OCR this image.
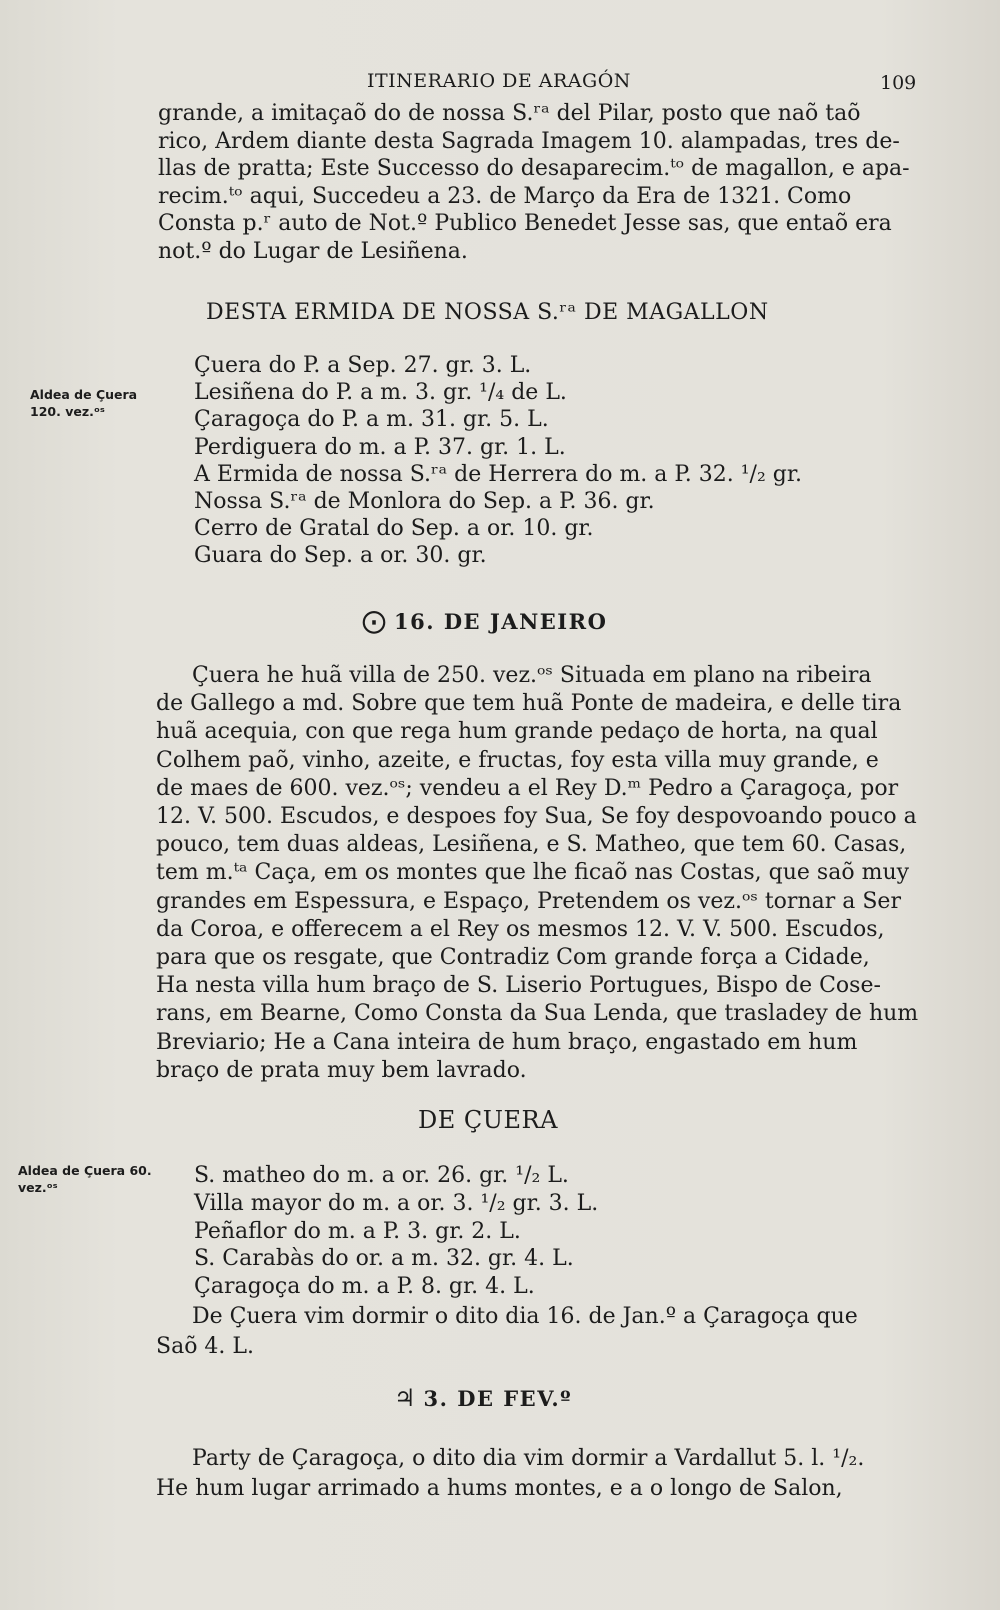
ITINERARIO DE ARAGÓN	109
grande, a imitaçaõ do de nossa S.ʳᵃ del Pilar, posto que naõ taõ
rico, Ardem diante desta Sagrada Imagem 10. alampadas, tres de-
llas de pratta; Este Successo do desaparecim.ᵗᵒ de magallon, e apa-
recim.ᵗᵒ aqui, Succedeu a 23. de Março da Era de 1321. Como
Consta p.ʳ auto de Not.º Publico Benedet Jesse sas, que entaõ era
not.º do Lugar de Lesiñena.
DESTA ERMIDA DE NOSSA S.ʳᵃ DE MAGALLON
Aldea de Çuera
120. vez.ᵒˢ
Çuera do P. a Sep. 27. gr. 3. L.
Lesiñena do P. a m. 3. gr. ¹/₄ de L.
Çaragoça do P. a m. 31. gr. 5. L.
Perdiguera do m. a P. 37. gr. 1. L.
A Ermida de nossa S.ʳᵃ de Herrera do m. a P. 32. ¹/₂ gr.
Nossa S.ʳᵃ de Monlora do Sep. a P. 36. gr.
Cerro de Gratal do Sep. a or. 10. gr.
Guara do Sep. a or. 30. gr.
⨀ 16. DE JANEIRO
Çuera he huã villa de 250. vez.ᵒˢ Situada em plano na ribeira
de Gallego a md. Sobre que tem huã Ponte de madeira, e delle tira
huã acequia, con que rega hum grande pedaço de horta, na qual
Colhem paõ, vinho, azeite, e fructas, foy esta villa muy grande, e
de maes de 600. vez.ᵒˢ; vendeu a el Rey D.ᵐ Pedro a Çaragoça, por
12. V. 500. Escudos, e despoes foy Sua, Se foy despovoando pouco a
pouco, tem duas aldeas, Lesiñena, e S. Matheo, que tem 60. Casas,
tem m.ᵗᵃ Caça, em os montes que lhe ficaõ nas Costas, que saõ muy
grandes em Espessura, e Espaço, Pretendem os vez.ᵒˢ tornar a Ser
da Coroa, e offerecem a el Rey os mesmos 12. V. V. 500. Escudos,
para que os resgate, que Contradiz Com grande força a Cidade,
Ha nesta villa hum braço de S. Liserio Portugues, Bispo de Cose-
rans, em Bearne, Como Consta da Sua Lenda, que trasladey de hum
Breviario; He a Cana inteira de hum braço, engastado em hum
braço de prata muy bem lavrado.
DE ÇUERA
Aldea de Çuera 60.
vez.ᵒˢ	S. matheo do m. a or. 26. gr. ¹/₂ L.
Villa mayor do m. a or. 3. ¹/₂ gr. 3. L.
Peñaflor do m. a P. 3. gr. 2. L.
S. Carabàs do or. a m. 32. gr. 4. L.
Çaragoça do m. a P. 8. gr. 4. L.
De Çuera vim dormir o dito dia 16. de Jan.º a Çaragoça que
Saõ 4. L.
♃ 3. DE FEV.º
Party de Çaragoça, o dito dia vim dormir a Vardallut 5. l. ¹/₂.
He hum lugar arrimado a hums montes, e a o longo de Salon,
